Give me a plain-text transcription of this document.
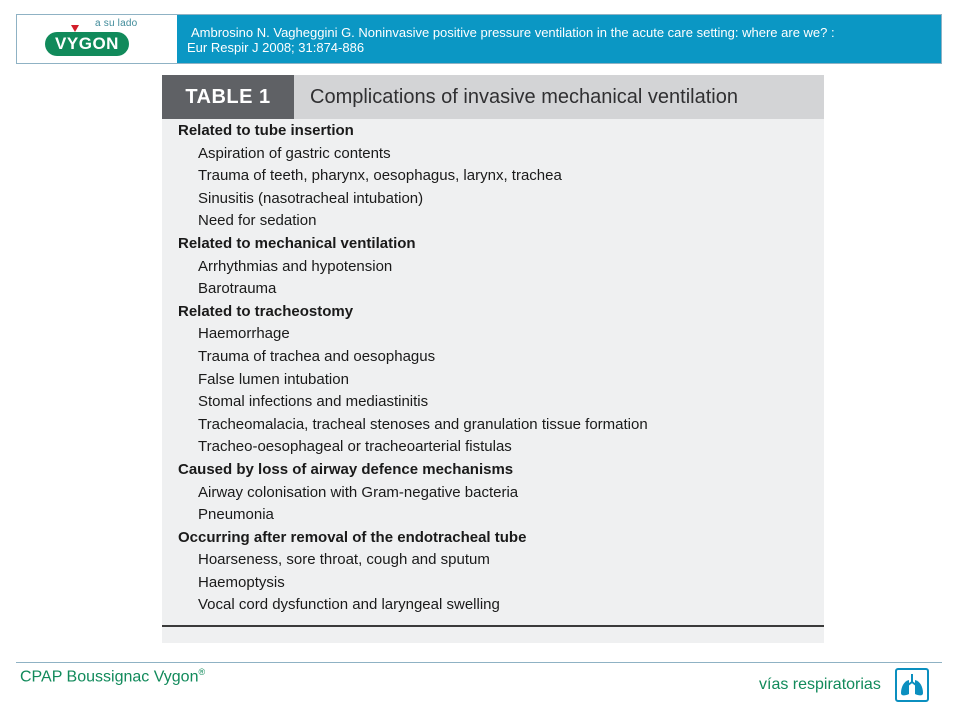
a su lado
VYGON
Ambrosino N. Vagheggini G. Noninvasive positive pressure ventilation in the acute care setting: where are we? :
Eur Respir J 2008; 31:874-886
TABLE 1	Complications of invasive mechanical ventilation
Related to tube insertion
Aspiration of gastric contents
Trauma of teeth, pharynx, oesophagus, larynx, trachea
Sinusitis (nasotracheal intubation)
Need for sedation
Related to mechanical ventilation
Arrhythmias and hypotension
Barotrauma
Related to tracheostomy
Haemorrhage
Trauma of trachea and oesophagus
False lumen intubation
Stomal infections and mediastinitis
Tracheomalacia, tracheal stenoses and granulation tissue formation
Tracheo-oesophageal or tracheoarterial fistulas
Caused by loss of airway defence mechanisms
Airway colonisation with Gram-negative bacteria
Pneumonia
Occurring after removal of the endotracheal tube
Hoarseness, sore throat, cough and sputum
Haemoptysis
Vocal cord dysfunction and laryngeal swelling
CPAP Boussignac Vygon®
vías respiratorias
